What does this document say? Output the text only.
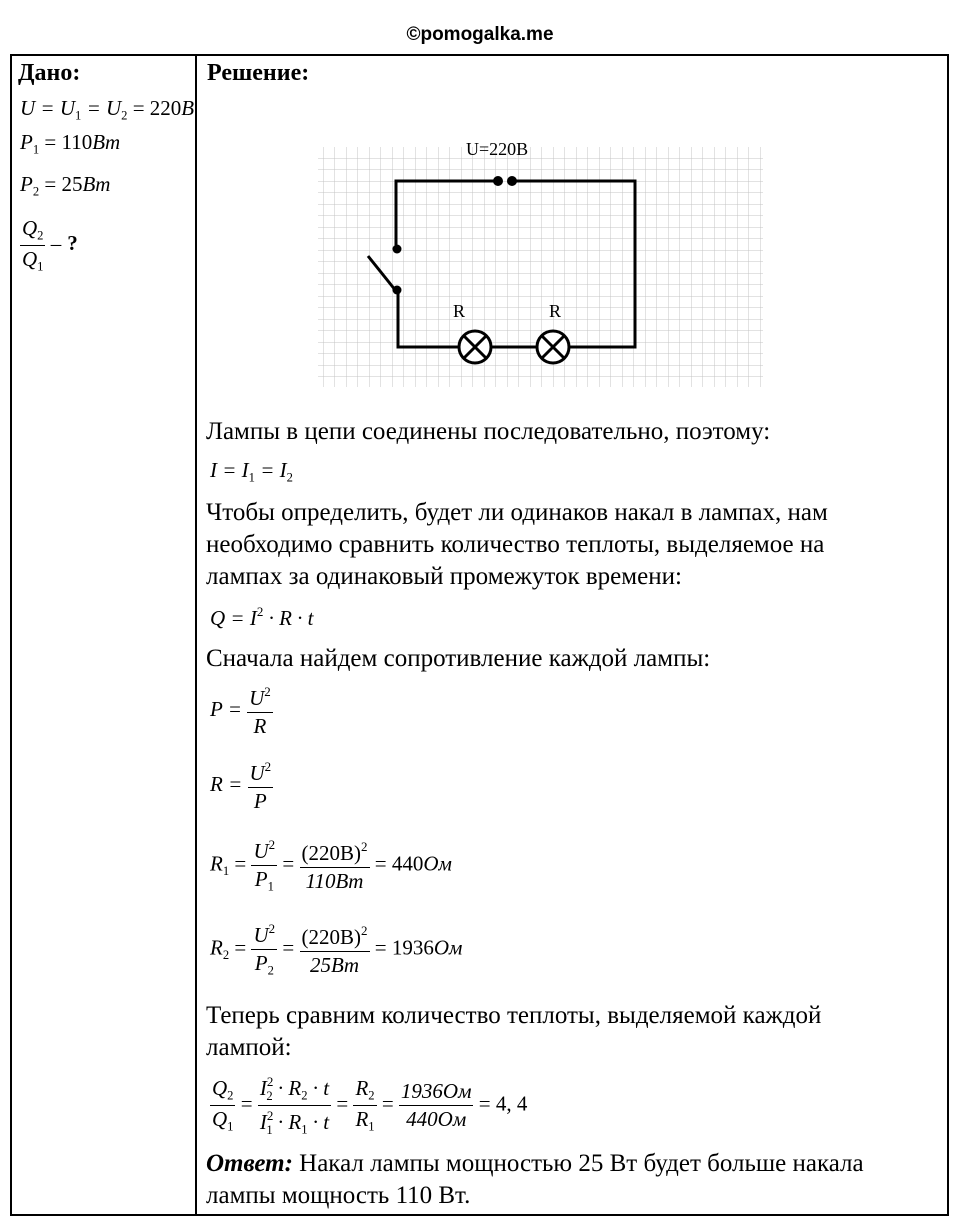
©pomogalka.me
Дано:
$U = U_1 = U_2 = 220B$
$P_1 = 110Bm$
$P_2 = 25Bm$
$\frac{Q_2}{Q_1}$ – ?
Решение:
U=220B
R	R
Лампы в цепи соединены последовательно, поэтому:
$I = I_1 = I_2$
Чтобы определить, будет ли одинаков накал в лампах, нам
необходимо сравнить количество теплоты, выделяемое на
лампах за одинаковый промежуток времени:
$Q = I^2 \cdot R \cdot t$
Сначала найдем сопротивление каждой лампы:
$P = \frac{U^2}{R}$
$R = \frac{U^2}{P}$
$R_1 = \frac{U^2}{P_1} = \frac{(220B)^2}{110Bm} = 440Ом$
$R_2 = \frac{U^2}{P_2} = \frac{(220B)^2}{25Bm} = 1936Ом$
Теперь сравним количество теплоты, выделяемой каждой
лампой:
$\frac{Q_2}{Q_1} = \frac{I^2_2 \cdot R_2 \cdot t}{I^2_1 \cdot R_1 \cdot t} = \frac{R_2}{R_1} = \frac{1936Ом}{440Ом} = 4$, 4
Ответ: Накал лампы мощностью 25 Вт будет больше накала
лампы мощность 110 Вт.
